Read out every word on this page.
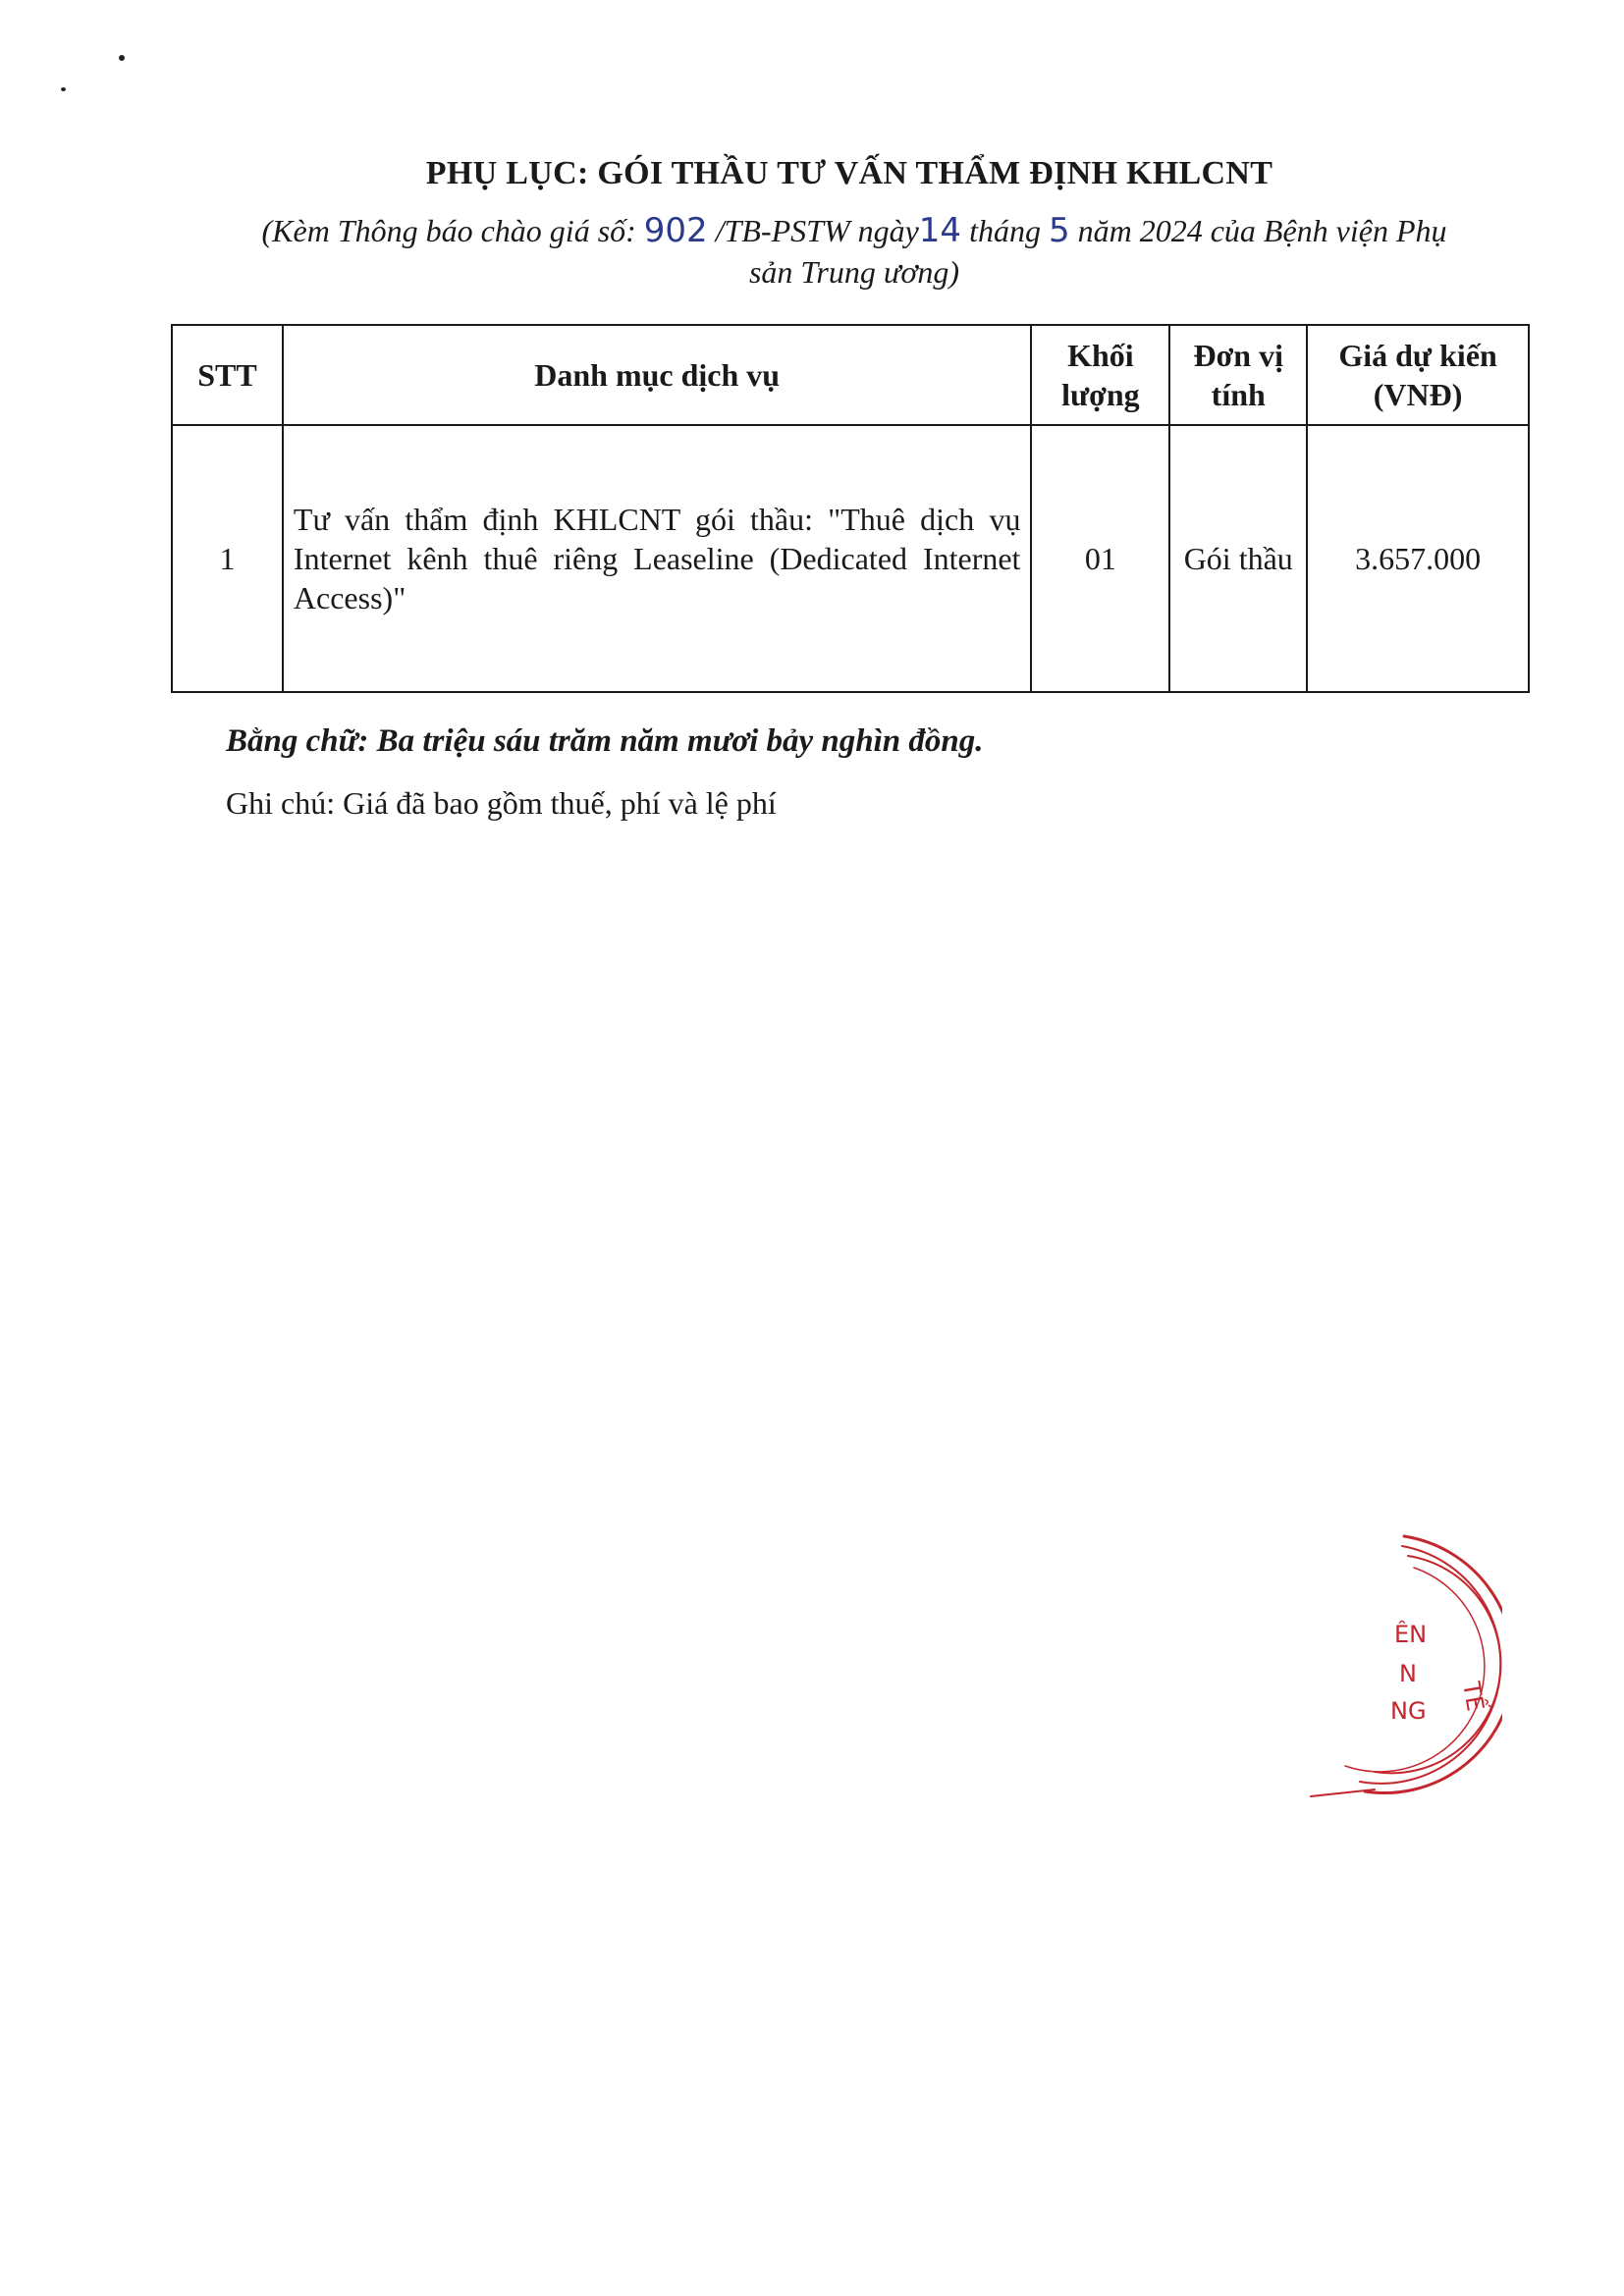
PHỤ LỤC: GÓI THẦU TƯ VẤN THẨM ĐỊNH KHLCNT
(Kèm Thông báo chào giá số: 902 /TB-PSTW ngày14 tháng 5 năm 2024 của Bệnh viện Phụ sản Trung ương)
STT	Danh mục dịch vụ	Khối lượng	Đơn vị tính	Giá dự kiến (VNĐ)
1	Tư vấn thẩm định KHLCNT gói thầu: "Thuê dịch vụ Internet kênh thuê riêng Leaseline (Dedicated Internet Access)"	01	Gói thầu	3.657.000
Bằng chữ: Ba triệu sáu trăm năm mươi bảy nghìn đồng.
Ghi chú: Giá đã bao gồm thuế, phí và lệ phí
ÊN
N
NG TẾ
